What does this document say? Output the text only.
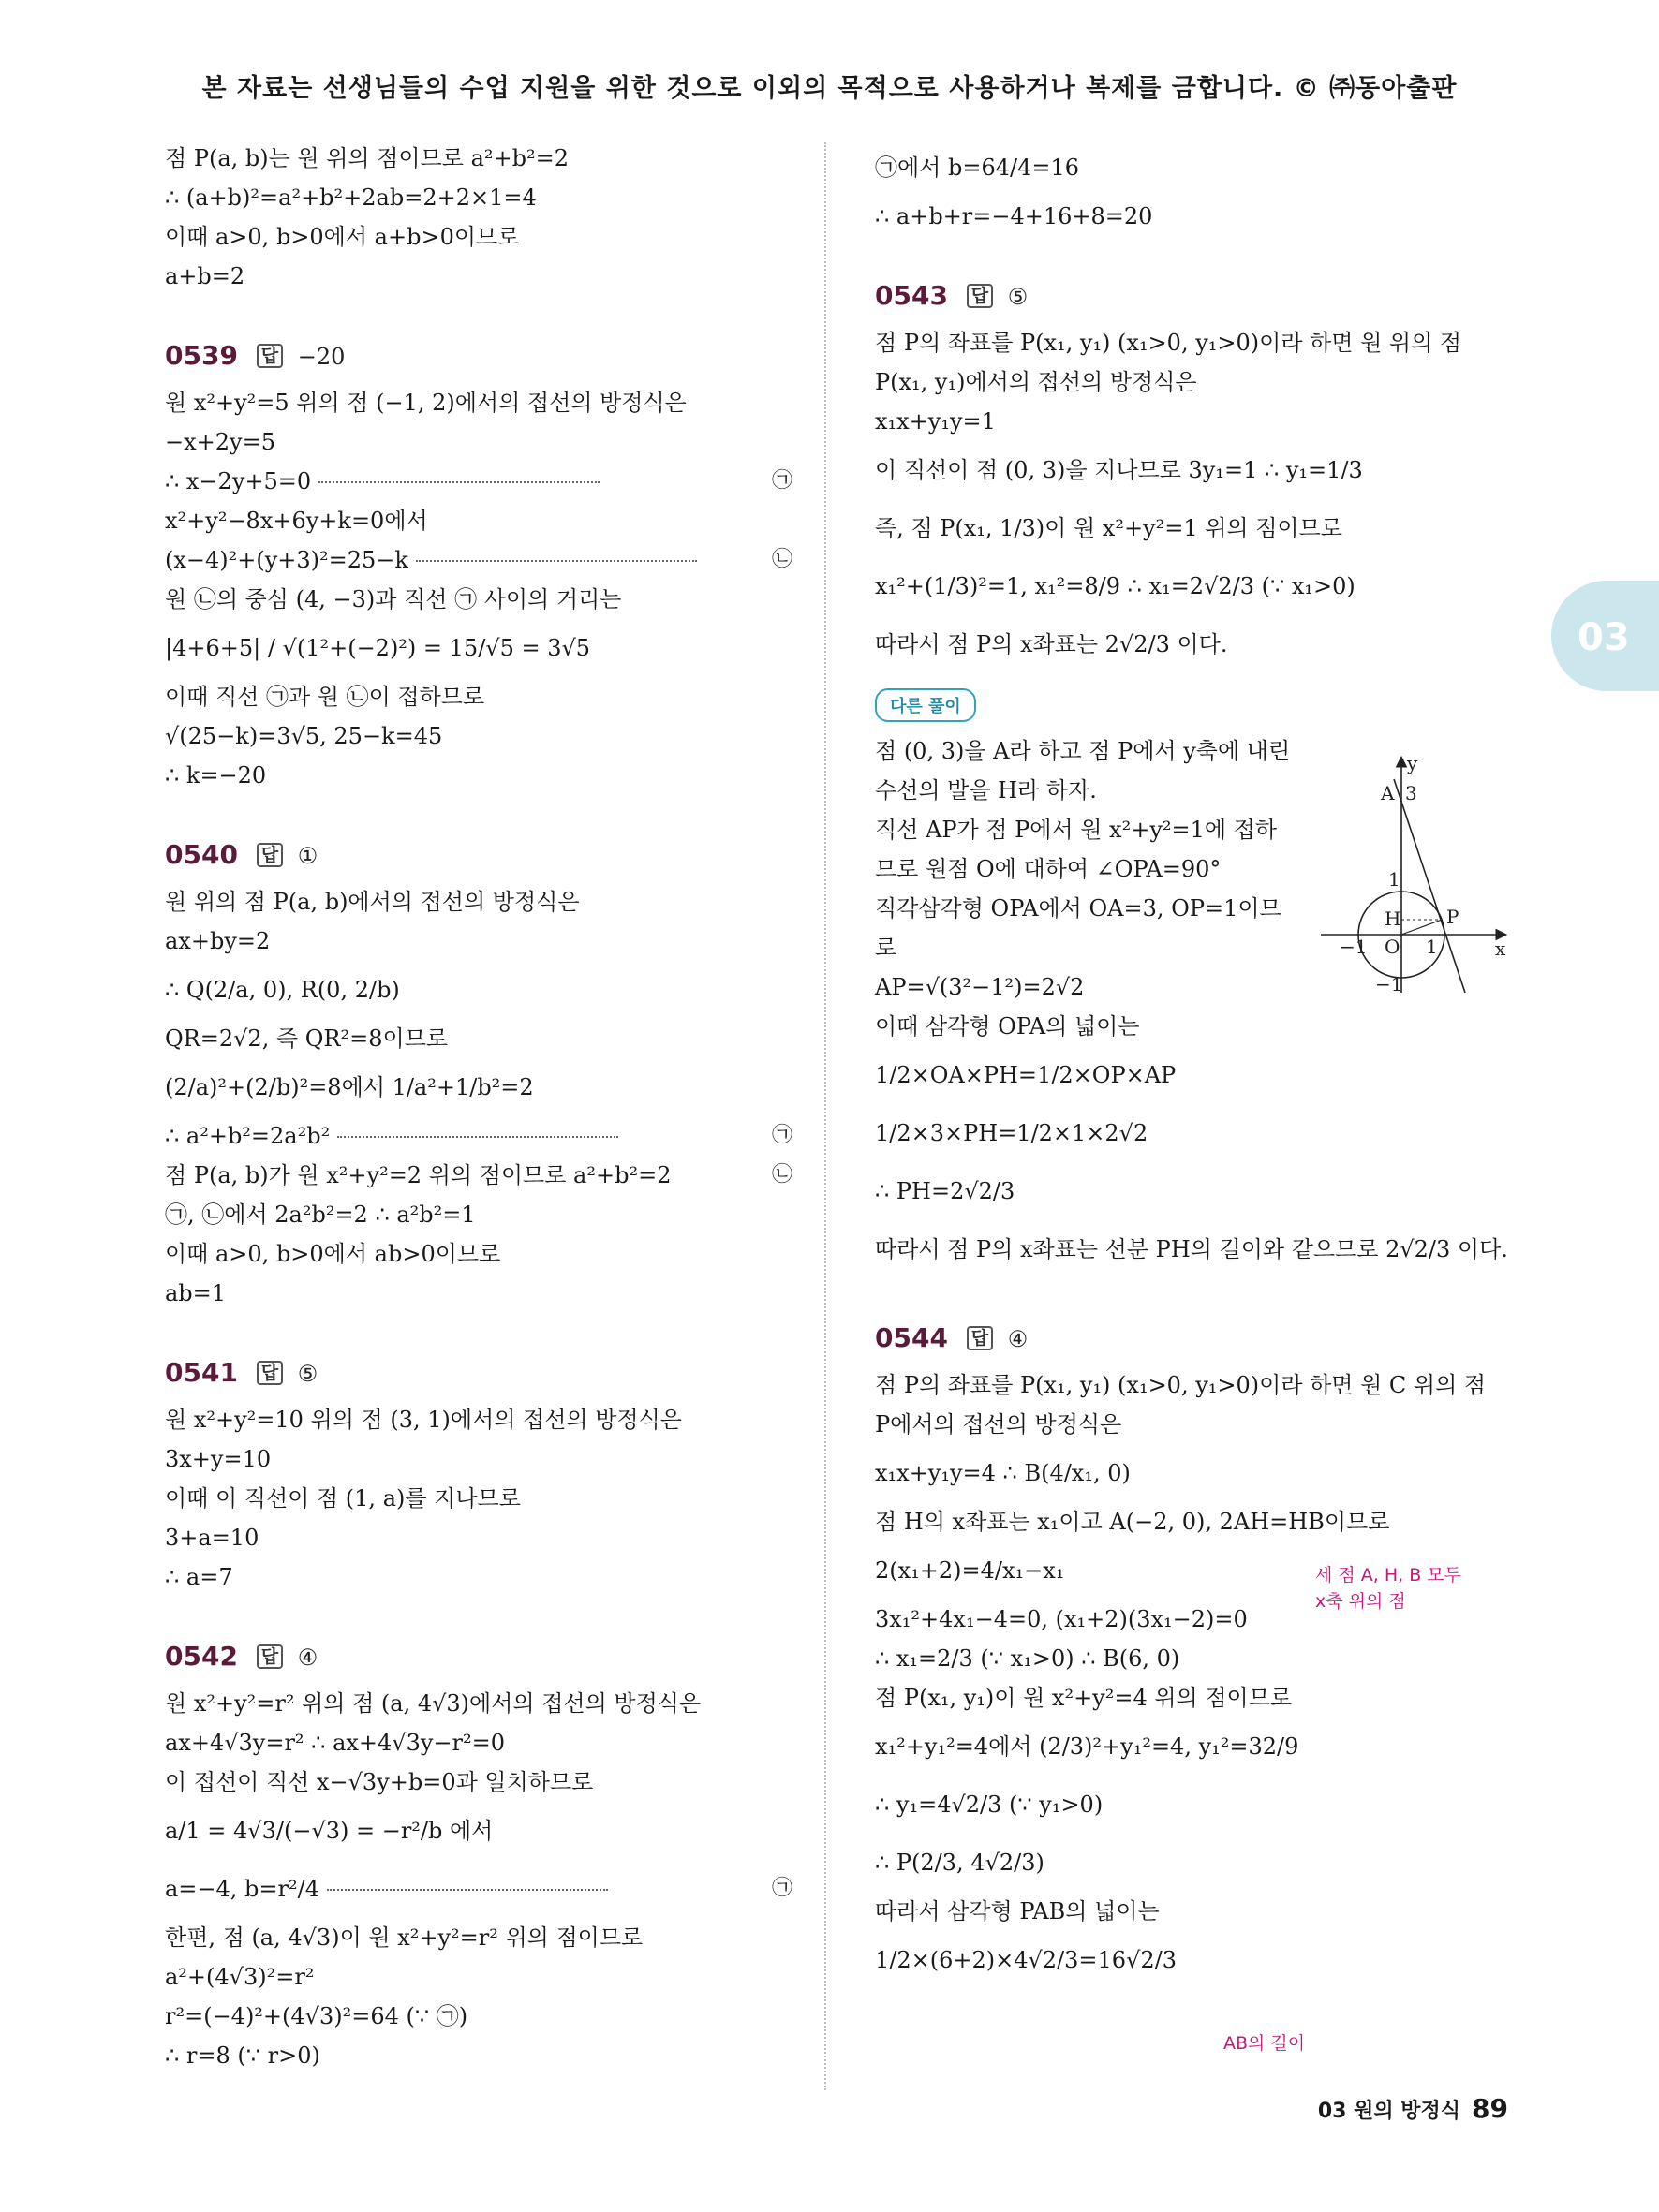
본 자료는 선생님들의 수업 지원을 위한 것으로 이외의 목적으로 사용하거나 복제를 금합니다. © ㈜동아출판
03
점 P(a, b)는 원 위의 점이므로 a²+b²=2
∴ (a+b)²=a²+b²+2ab=2+2×1=4
이때 a>0, b>0에서 a+b>0이므로
a+b=2
0539 답 −20
원 x²+y²=5 위의 점 (−1, 2)에서의 접선의 방정식은
−x+2y=5
∴ x−2y+5=0	㉠
x²+y²−8x+6y+k=0에서
(x−4)²+(y+3)²=25−k	㉡
원 ㉡의 중심 (4, −3)과 직선 ㉠ 사이의 거리는
|4+6+5| / √(1²+(−2)²) = 15/√5 = 3√5
이때 직선 ㉠과 원 ㉡이 접하므로
√(25−k)=3√5, 25−k=45
∴ k=−20
0540 답 ①
원 위의 점 P(a, b)에서의 접선의 방정식은
ax+by=2
∴ Q(2/a, 0), R(0, 2/b)
QR=2√2, 즉 QR²=8이므로
(2/a)²+(2/b)²=8에서 1/a²+1/b²=2
∴ a²+b²=2a²b²	㉠
점 P(a, b)가 원 x²+y²=2 위의 점이므로 a²+b²=2	㉡
㉠, ㉡에서 2a²b²=2 ∴ a²b²=1
이때 a>0, b>0에서 ab>0이므로
ab=1
0541 답 ⑤
원 x²+y²=10 위의 점 (3, 1)에서의 접선의 방정식은
3x+y=10
이때 이 직선이 점 (1, a)를 지나므로
3+a=10
∴ a=7
0542 답 ④
원 x²+y²=r² 위의 점 (a, 4√3)에서의 접선의 방정식은
ax+4√3y=r² ∴ ax+4√3y−r²=0
이 접선이 직선 x−√3y+b=0과 일치하므로
a/1 = 4√3/(−√3) = −r²/b 에서
a=−4, b=r²/4	㉠
한편, 점 (a, 4√3)이 원 x²+y²=r² 위의 점이므로
a²+(4√3)²=r²
r²=(−4)²+(4√3)²=64 (∵ ㉠)
∴ r=8 (∵ r>0)
㉠에서 b=64/4=16
∴ a+b+r=−4+16+8=20
0543 답 ⑤
점 P의 좌표를 P(x₁, y₁) (x₁>0, y₁>0)이라 하면 원 위의 점
P(x₁, y₁)에서의 접선의 방정식은
x₁x+y₁y=1
이 직선이 점 (0, 3)을 지나므로 3y₁=1 ∴ y₁=1/3
즉, 점 P(x₁, 1/3)이 원 x²+y²=1 위의 점이므로
x₁²+(1/3)²=1, x₁²=8/9 ∴ x₁=2√2/3 (∵ x₁>0)
따라서 점 P의 x좌표는 2√2/3 이다.
다른 풀이
점 (0, 3)을 A라 하고 점 P에서 y축에 내린
수선의 발을 H라 하자.
직선 AP가 점 P에서 원 x²+y²=1에 접하
므로 원점 O에 대하여 ∠OPA=90°
직각삼각형 OPA에서 OA=3, OP=1이므
로
AP=√(3²−1²)=2√2
이때 삼각형 OPA의 넓이는
1/2×OA×PH=1/2×OP×AP
1/2×3×PH=1/2×1×2√2
∴ PH=2√2/3
따라서 점 P의 x좌표는 선분 PH의 길이와 같으므로 2√2/3 이다.
0544 답 ④
점 P의 좌표를 P(x₁, y₁) (x₁>0, y₁>0)이라 하면 원 C 위의 점
P에서의 접선의 방정식은
x₁x+y₁y=4 ∴ B(4/x₁, 0)
점 H의 x좌표는 x₁이고 A(−2, 0), 2AH=HB이므로
2(x₁+2)=4/x₁−x₁
3x₁²+4x₁−4=0, (x₁+2)(3x₁−2)=0
∴ x₁=2/3 (∵ x₁>0) ∴ B(6, 0)
점 P(x₁, y₁)이 원 x²+y²=4 위의 점이므로
x₁²+y₁²=4에서 (2/3)²+y₁²=4, y₁²=32/9
∴ y₁=4√2/3 (∵ y₁>0)
∴ P(2/3, 4√2/3)
따라서 삼각형 PAB의 넓이는
1/2×(6+2)×4√2/3=16√2/3
세 점 A, H, B 모두 x축 위의 점
AB의 길이
y
x
A 3
1
H P
O
−1	1
−1
03 원의 방정식 89
